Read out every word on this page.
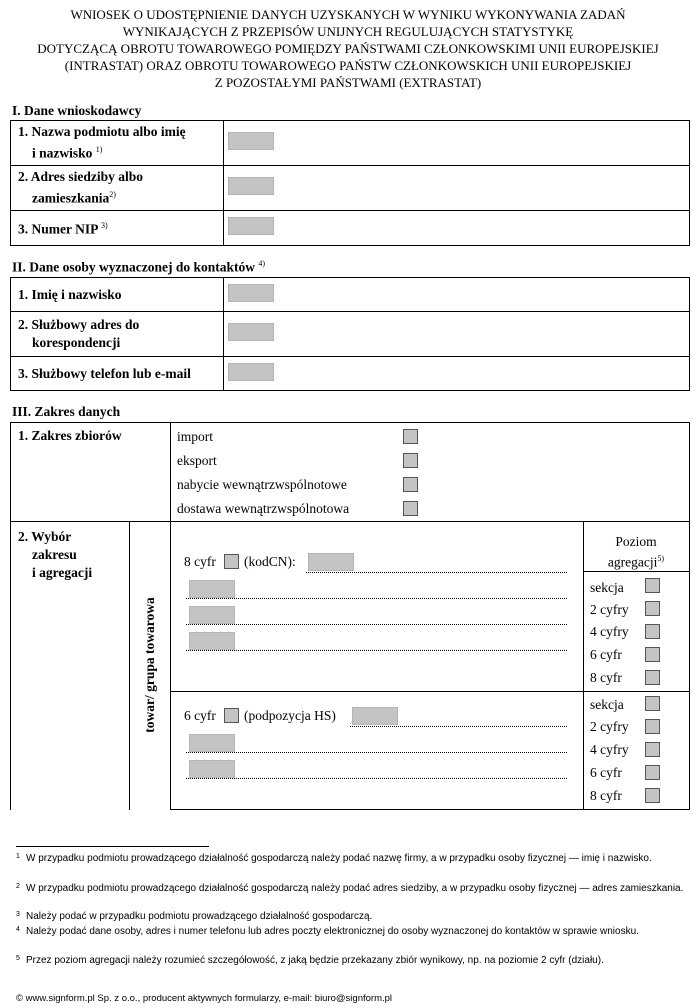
WNIOSEK O UDOSTĘPNIENIE DANYCH UZYSKANYCH W WYNIKU WYKONYWANIA ZADAŃ
WYNIKAJĄCYCH Z PRZEPISÓW UNIJNYCH REGULUJĄCYCH STATYSTYKĘ
DOTYCZĄCĄ OBROTU TOWAROWEGO POMIĘDZY PAŃSTWAMI CZŁONKOWSKIMI UNII EUROPEJSKIEJ
(INTRASTAT) ORAZ OBROTU TOWAROWEGO PAŃSTW CZŁONKOWSKICH UNII EUROPEJSKIEJ
Z POZOSTAŁYMI PAŃSTWAMI (EXTRASTAT)
I. Dane wnioskodawcy
1. Nazwa podmiotu albo imię
i nazwisko $^{1)}$	
2. Adres siedziby albo
zamieszkania$^{2)}$	
3. Numer NIP $^{3)}$	
II. Dane osoby wyznaczonej do kontaktów $^{4)}$
1. Imię i nazwisko	
2. Służbowy adres do
korespondencji	
3. Służbowy telefon lub e-mail	
III. Zakres danych
1. Zakres zbiorów	import
eksport
nabycie wewnątrzwspólnotowe
dostawa wewnątrzwspólnotowa
2. Wybór
zakresu
i agregacji
towar/ grupa towarowa
Poziom
agregacji$^{5)}$
8 cyfr (kodCN):
sekcja
2 cyfry
4 cyfry
6 cyfr
8 cyfr
6 cyfr (podpozycja HS)
sekcja
2 cyfry
4 cyfry
6 cyfr
8 cyfr
1 W przypadku podmiotu prowadzącego działalność gospodarczą należy podać nazwę firmy, a w przypadku osoby fizycznej — imię i nazwisko.
2 W przypadku podmiotu prowadzącego działalność gospodarczą należy podać adres siedziby, a w przypadku osoby fizycznej — adres zamieszkania.
3 Należy podać w przypadku podmiotu prowadzącego działalność gospodarczą.
4 Należy podać dane osoby, adres i numer telefonu lub adres poczty elektronicznej do osoby wyznaczonej do kontaktów w sprawie wniosku.
5 Przez poziom agregacji należy rozumieć szczegółowość, z jaką będzie przekazany zbiór wynikowy, np. na poziomie 2 cyfr (działu).
© www.signform.pl Sp. z o.o., producent aktywnych formularzy, e-mail: biuro@signform.pl
